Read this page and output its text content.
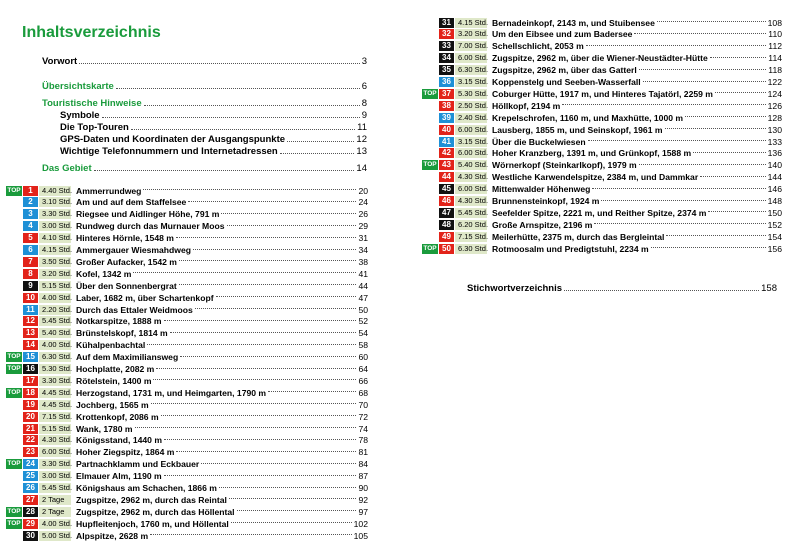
Inhaltsverzeichnis
Vorwort	3
Übersichtskarte	6
Touristische Hinweise	8
Symbole	9
Die Top-Touren	11
GPS-Daten und Koordinaten der Ausgangspunkte	12
Wichtige Telefonnummern und Internetadressen	13
Das Gebiet	14
TOP 1	4.40 Std. Ammerrundweg	20
2	3.10 Std. Am und auf dem Staffelsee	24
3	3.30 Std. Riegsee und Aidlinger Höhe, 791 m	26
4	3.00 Std. Rundweg durch das Murnauer Moos	29
5	4.10 Std. Hinteres Hörnle, 1548 m	31
6	4.15 Std. Ammergauer Wiesmahdweg	34
7	3.50 Std. Großer Aufacker, 1542 m	38
8	3.20 Std. Kofel, 1342 m	41
9	5.15 Std. Über den Sonnenbergrat	44
10 4.00 Std. Laber, 1682 m, über Schartenkopf	47
11 2.20 Std. Durch das Ettaler Weidmoos	50
12 5.45 Std. Notkarspitze, 1888 m	52
13 5.40 Std. Brünstelskopf, 1814 m	54
14 4.00 Std. Kühalpenbachtal	58
TOP 15 6.30 Std. Auf dem Maximiliansweg	60
TOP 16 5.30 Std. Hochplatte, 2082 m	64
17 3.30 Std. Rötelstein, 1400 m	66
TOP 18 4.45 Std. Herzogstand, 1731 m, und Heimgarten, 1790 m	68
19 4.45 Std. Jochberg, 1565 m	70
20 7.15 Std. Krottenkopf, 2086 m	72
21 5.15 Std. Wank, 1780 m	74
22 4.30 Std. Königsstand, 1440 m	78
23 6.00 Std. Hoher Ziegspitz, 1864 m	81
TOP 24 3.30 Std. Partnachklamm und Eckbauer	84
25 3.00 Std. Elmauer Alm, 1190 m	87
26 5.45 Std. Königshaus am Schachen, 1866 m	90
27 2 Tage	Zugspitze, 2962 m, durch das Reintal	92
TOP 28 2 Tage	Zugspitze, 2962 m, durch das Höllental	97
TOP 29 4.00 Std. Hupfleitenjoch, 1760 m, und Höllental	102
30 5.00 Std. Alpspitze, 2628 m	105
31 4.15 Std. Bernadeinkopf, 2143 m, und Stuibensee	108
32 3.20 Std. Um den Eibsee und zum Badersee	110
33 7.00 Std. Schellschlicht, 2053 m	112
34 6.00 Std. Zugspitze, 2962 m, über die Wiener-Neustädter-Hütte	114
35 6.30 Std. Zugspitze, 2962 m, über das Gatterl	118
36 3.15 Std. Koppenstelg und Seeben-Wasserfall	122
TOP 37 5.30 Std. Coburger Hütte, 1917 m, und Hinteres Tajatörl, 2259 m	124
38 2.50 Std. Höllkopf, 2194 m	126
39 2.40 Std. Krepelschrofen, 1160 m, und Maxhütte, 1000 m	128
40 6.00 Std. Lausberg, 1855 m, und Seinskopf, 1961 m	130
41 3.15 Std. Über die Buckelwiesen	133
42 6.00 Std. Hoher Kranzberg, 1391 m, und Grünkopf, 1588 m	136
TOP 43 5.40 Std. Wörnerkopf (Steinkarlkopf), 1979 m	140
44 4.30 Std. Westliche Karwendelspitze, 2384 m, und Dammkar	144
45 6.00 Std. Mittenwalder Höhenweg	146
46 4.30 Std. Brunnensteinkopf, 1924 m	148
47 5.45 Std. Seefelder Spitze, 2221 m, und Reither Spitze, 2374 m	150
48 6.20 Std. Große Arnspitze, 2196 m	152
49 7.15 Std. Meilerhütte, 2375 m, durch das Bergleintal	154
TOP 50 6.30 Std. Rotmoosalm und Predigtstuhl, 2234 m	156
Stichwortverzeichnis	158
